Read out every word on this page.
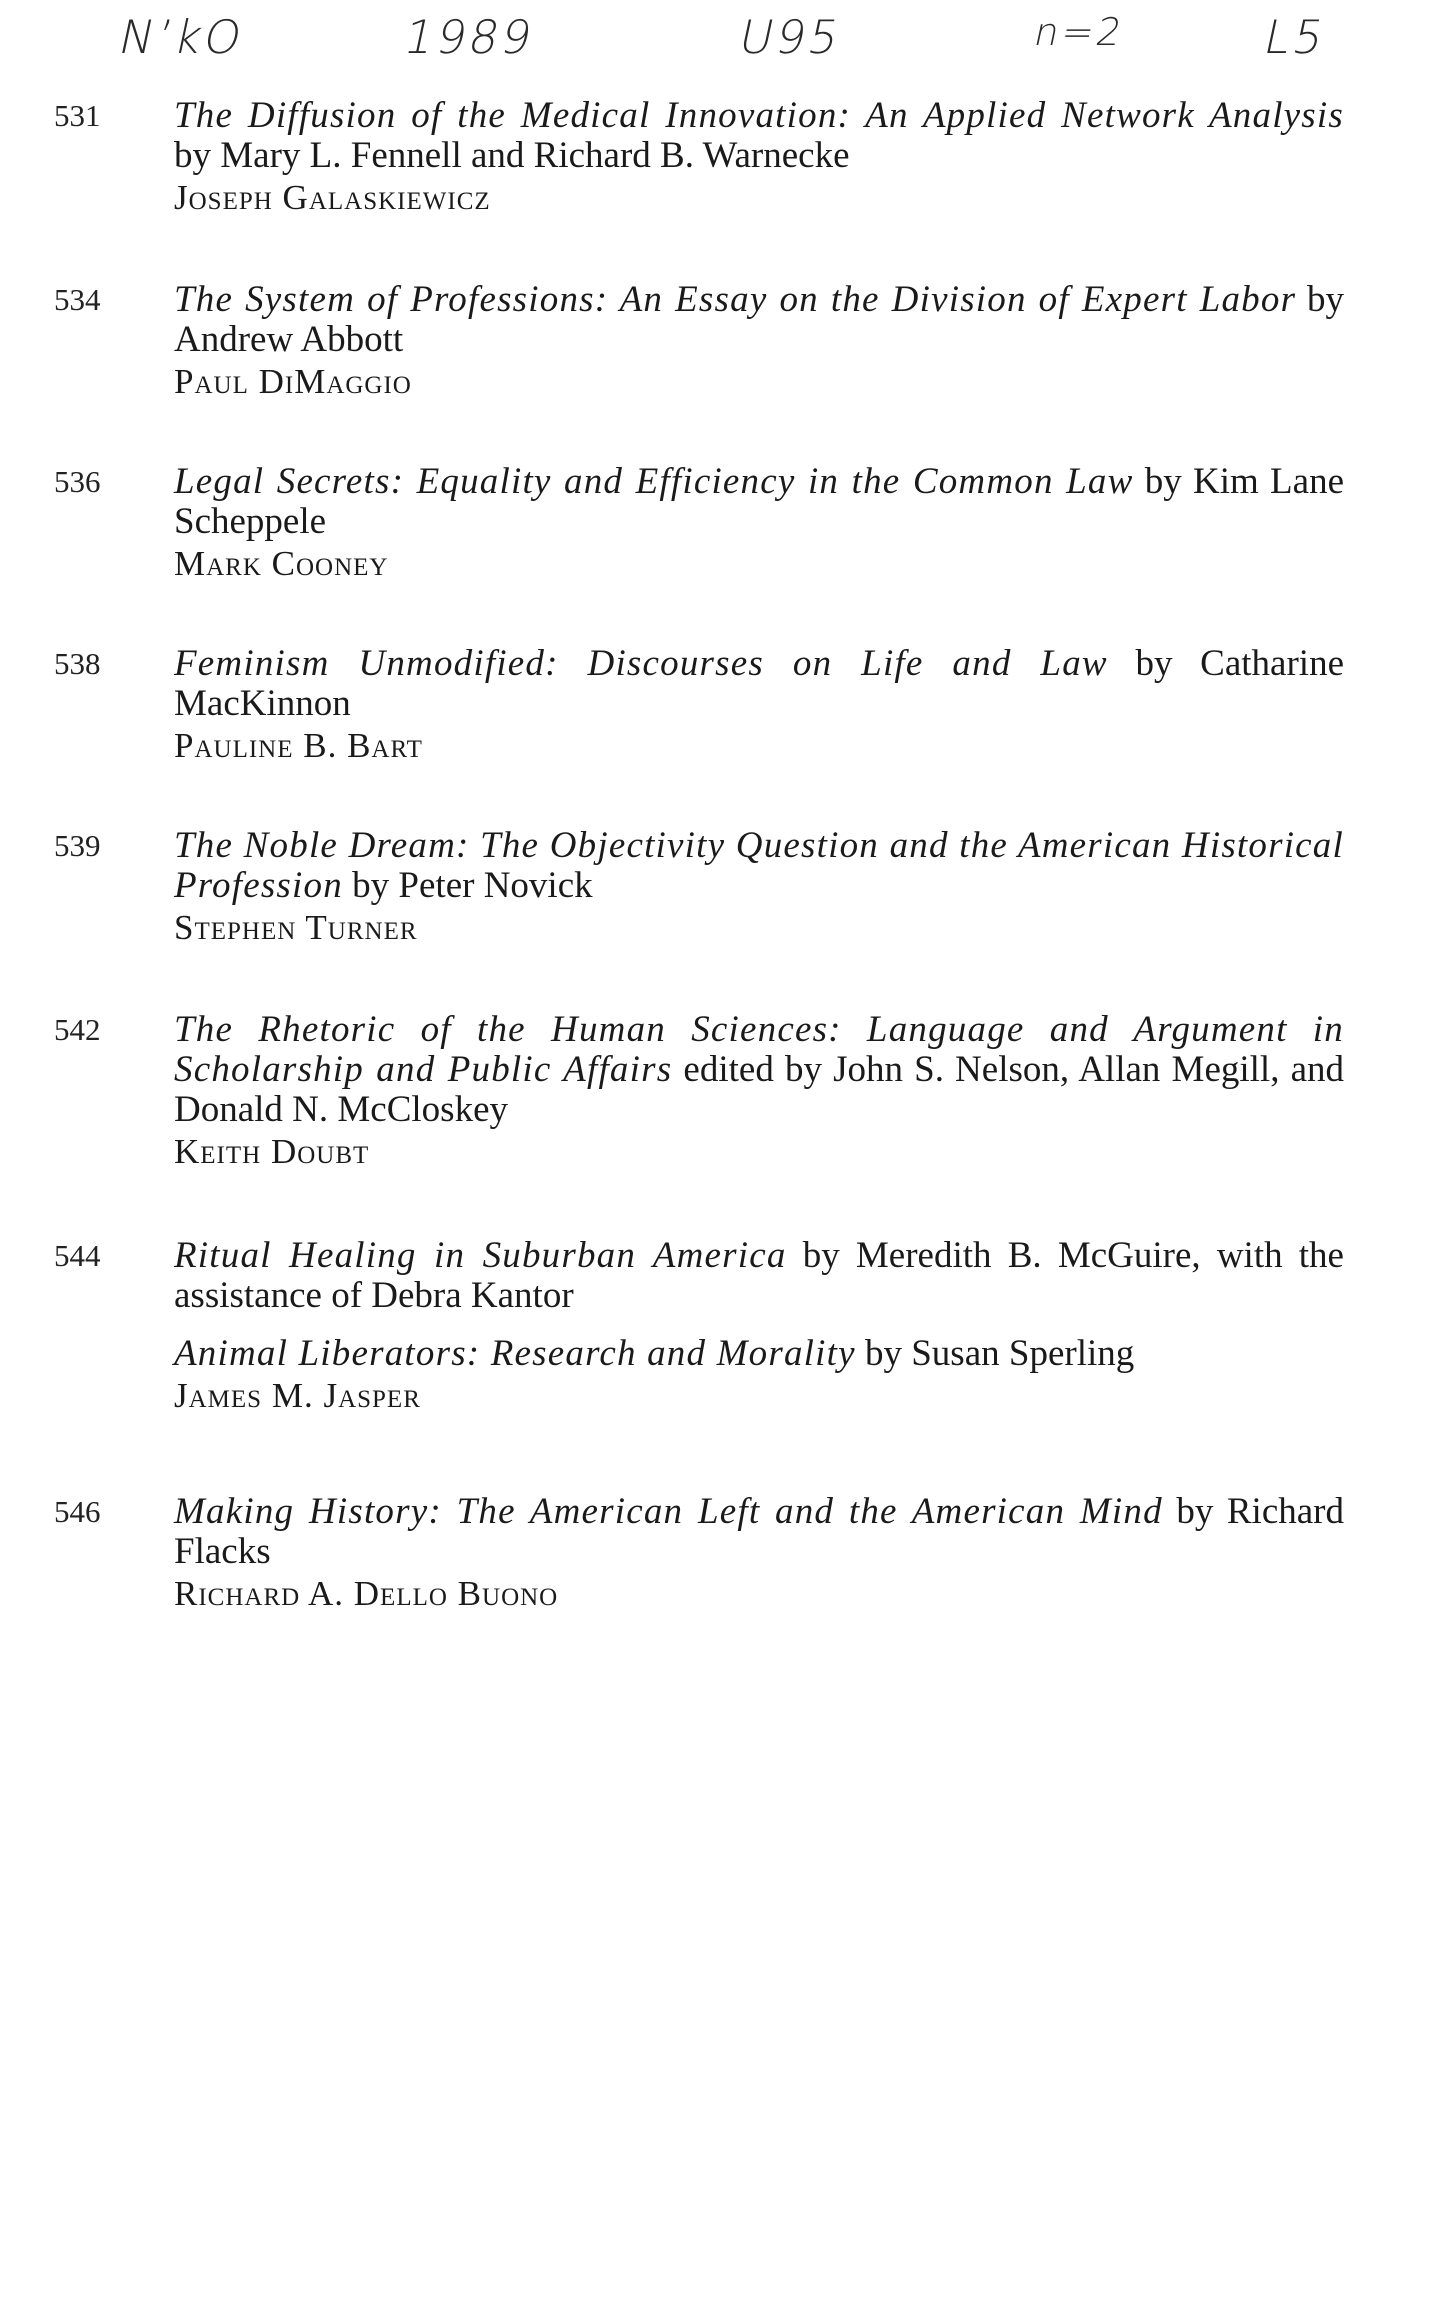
N’kO	1989	U95	n=2	L5
531	The Diffusion of the Medical Innovation: An Applied Network Analysis by Mary L. Fennell and Richard B. Warnecke
Joseph Galaskiewicz
534	The System of Professions: An Essay on the Division of Expert Labor by Andrew Abbott
Paul DiMaggio
536	Legal Secrets: Equality and Efficiency in the Common Law by Kim Lane Scheppele
Mark Cooney
538	Feminism Unmodified: Discourses on Life and Law by Catharine MacKinnon
Pauline B. Bart
539	The Noble Dream: The Objectivity Question and the American Historical Profession by Peter Novick
Stephen Turner
542	The Rhetoric of the Human Sciences: Language and Argument in Scholarship and Public Affairs edited by John S. Nelson, Allan Megill, and Donald N. McCloskey
Keith Doubt
544	Ritual Healing in Suburban America by Meredith B. McGuire, with the assistance of Debra Kantor
Animal Liberators: Research and Morality by Susan Sperling
James M. Jasper
546	Making History: The American Left and the American Mind by Richard Flacks
Richard A. Dello Buono
